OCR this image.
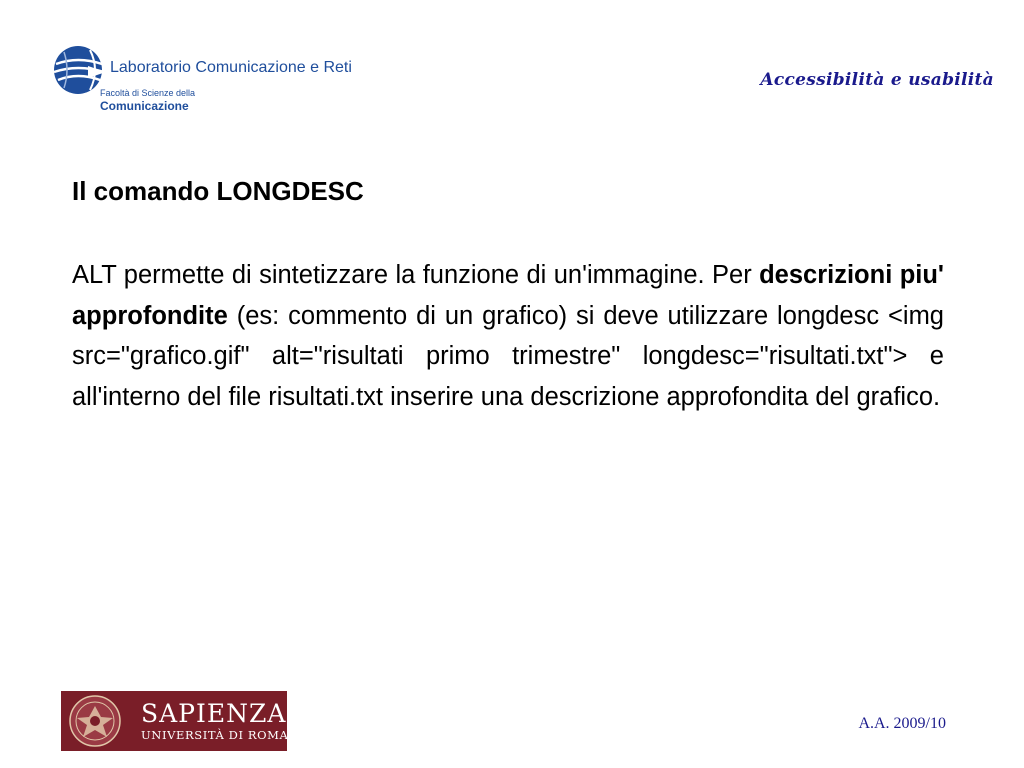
Laboratorio Comunicazione e Reti
Facoltà di Scienze della
Comunicazione
Accessibilità e usabilità
Il comando LONGDESC

ALT permette di sintetizzare la funzione di un'immagine. Per descrizioni piu' approfondite (es: commento di un grafico) si deve utilizzare longdesc <img src="grafico.gif" alt="risultati primo trimestre" longdesc="risultati.txt"> e all'interno del file risultati.txt inserire una descrizione approfondita del grafico.

SAPIENZA
UNIVERSITÀ DI ROMA
A.A. 2009/10
